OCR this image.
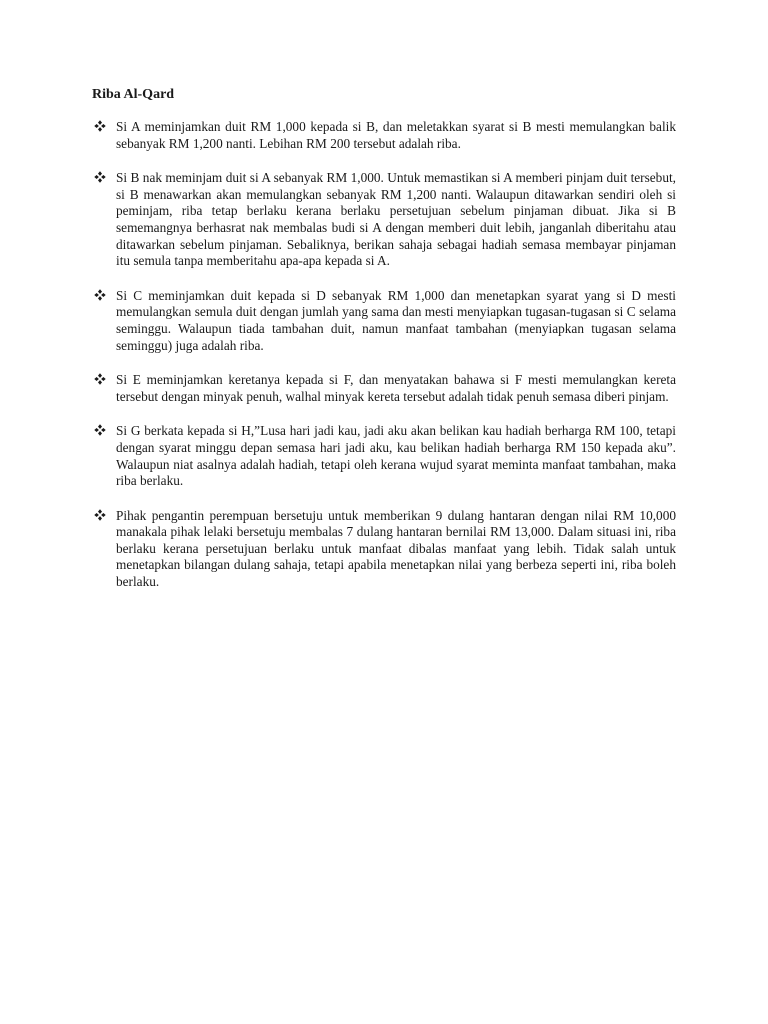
Riba Al-Qard
Si A meminjamkan duit RM 1,000 kepada si B, dan meletakkan syarat si B mesti memulangkan balik sebanyak RM 1,200 nanti. Lebihan RM 200 tersebut adalah riba.
Si B nak meminjam duit si A sebanyak RM 1,000. Untuk memastikan si A memberi pinjam duit tersebut, si B menawarkan akan memulangkan sebanyak RM 1,200 nanti. Walaupun ditawarkan sendiri oleh si peminjam, riba tetap berlaku kerana berlaku persetujuan sebelum pinjaman dibuat. Jika si B sememangnya berhasrat nak membalas budi si A dengan memberi duit lebih, janganlah diberitahu atau ditawarkan sebelum pinjaman. Sebaliknya, berikan sahaja sebagai hadiah semasa membayar pinjaman itu semula tanpa memberitahu apa-apa kepada si A.
Si C meminjamkan duit kepada si D sebanyak RM 1,000 dan menetapkan syarat yang si D mesti memulangkan semula duit dengan jumlah yang sama dan mesti menyiapkan tugasan-tugasan si C selama seminggu. Walaupun tiada tambahan duit, namun manfaat tambahan (menyiapkan tugasan selama seminggu) juga adalah riba.
Si E meminjamkan keretanya kepada si F, dan menyatakan bahawa si F mesti memulangkan kereta tersebut dengan minyak penuh, walhal minyak kereta tersebut adalah tidak penuh semasa diberi pinjam.
Si G berkata kepada si H,”Lusa hari jadi kau, jadi aku akan belikan kau hadiah berharga RM 100, tetapi dengan syarat minggu depan semasa hari jadi aku, kau belikan hadiah berharga RM 150 kepada aku”. Walaupun niat asalnya adalah hadiah, tetapi oleh kerana wujud syarat meminta manfaat tambahan, maka riba berlaku.
Pihak pengantin perempuan bersetuju untuk memberikan 9 dulang hantaran dengan nilai RM 10,000 manakala pihak lelaki bersetuju membalas 7 dulang hantaran bernilai RM 13,000. Dalam situasi ini, riba berlaku kerana persetujuan berlaku untuk manfaat dibalas manfaat yang lebih. Tidak salah untuk menetapkan bilangan dulang sahaja, tetapi apabila menetapkan nilai yang berbeza seperti ini, riba boleh berlaku.
